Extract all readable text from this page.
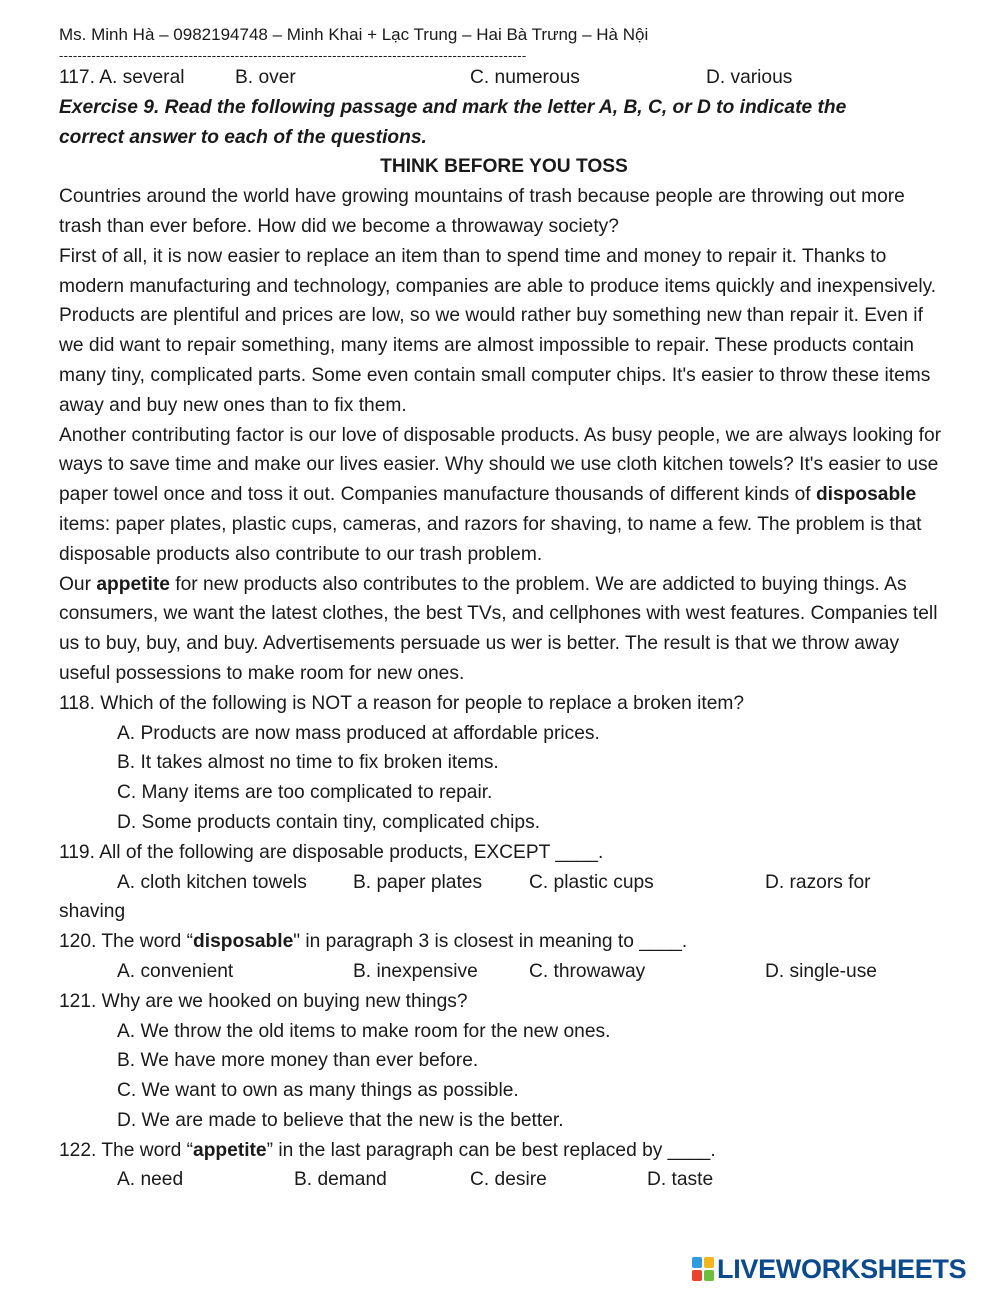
Ms. Minh Hà – 0982194748 – Minh Khai + Lạc Trung – Hai Bà Trưng – Hà Nội
-----------------------------------------------------------------------------------------------------
117. A. several	B. over	C. numerous	D. various
Exercise 9. Read the following passage and mark the letter A, B, C, or D to indicate the
correct answer to each of the questions.
THINK BEFORE YOU TOSS
Countries around the world have growing mountains of trash because people are throwing out more trash than ever before. How did we become a throwaway society?
First of all, it is now easier to replace an item than to spend time and money to repair it. Thanks to modern manufacturing and technology, companies are able to produce items quickly and inexpensively. Products are plentiful and prices are low, so we would rather buy something new than repair it. Even if we did want to repair something, many items are almost impossible to repair. These products contain many tiny, complicated parts. Some even contain small computer chips. It's easier to throw these items away and buy new ones than to fix them.
Another contributing factor is our love of disposable products. As busy people, we are always looking for ways to save time and make our lives easier. Why should we use cloth kitchen towels? It's easier to use paper towel once and toss it out. Companies manufacture thousands of different kinds of disposable items: paper plates, plastic cups, cameras, and razors for shaving, to name a few. The problem is that disposable products also contribute to our trash problem.
Our appetite for new products also contributes to the problem. We are addicted to buying things. As consumers, we want the latest clothes, the best TVs, and cellphones with west features. Companies tell us to buy, buy, and buy. Advertisements persuade us wer is better. The result is that we throw away useful possessions to make room for new ones.
118. Which of the following is NOT a reason for people to replace a broken item?
A. Products are now mass produced at affordable prices.
B. It takes almost no time to fix broken items.
C. Many items are too complicated to repair.
D. Some products contain tiny, complicated chips.
119. All of the following are disposable products, EXCEPT ____.
A. cloth kitchen towels B. paper plates C. plastic cups	D. razors for
shaving
120. The word “disposable" in paragraph 3 is closest in meaning to ____.
A. convenient	B. inexpensive	C. throwaway	D. single-use
121. Why are we hooked on buying new things?
A. We throw the old items to make room for the new ones.
B. We have more money than ever before.
C. We want to own as many things as possible.
D. We are made to believe that the new is the better.
122. The word “appetite” in the last paragraph can be best replaced by ____.
A. need	B. demand	C. desire	D. taste
LIVEWORKSHEETS
